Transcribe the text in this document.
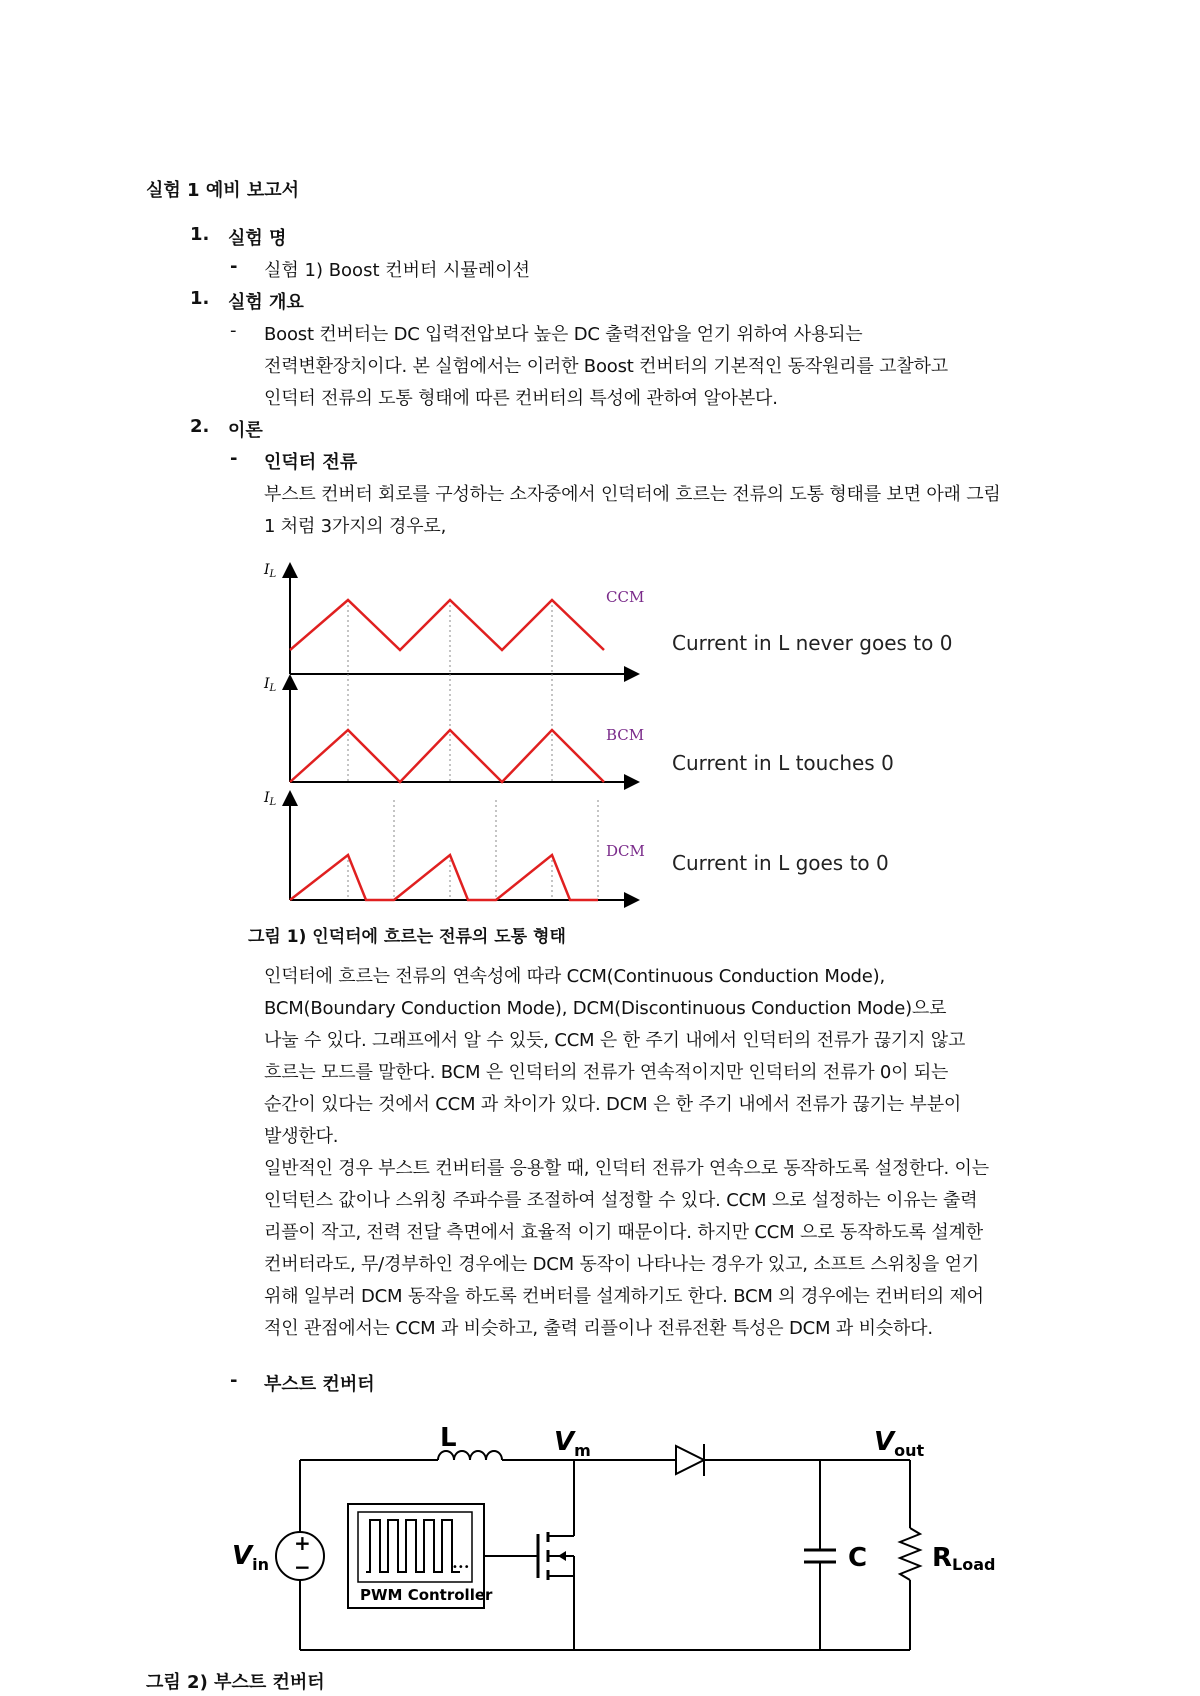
실험 1 예비 보고서
1. 실험 명
- 실험 1) Boost 컨버터 시뮬레이션
1. 실험 개요
- Boost 컨버터는 DC 입력전압보다 높은 DC 출력전압을 얻기 위하여 사용되는
전력변환장치이다. 본 실험에서는 이러한 Boost 컨버터의 기본적인 동작원리를 고찰하고
인덕터 전류의 도통 형태에 따른 컨버터의 특성에 관하여 알아본다.
2. 이론
- 인덕터 전류
부스트 컨버터 회로를 구성하는 소자중에서 인덕터에 흐르는 전류의 도통 형태를 보면 아래 그림
1 처럼 3가지의 경우로,
$I_L$
CCM
Current in L never goes to 0
$I_L$
BCM
Current in L touches 0
$I_L$
DCM Current in L goes to 0
그림 1) 인덕터에 흐르는 전류의 도통 형태
인덕터에 흐르는 전류의 연속성에 따라 CCM(Continuous Conduction Mode),
BCM(Boundary Conduction Mode), DCM(Discontinuous Conduction Mode)으로
나눌 수 있다. 그래프에서 알 수 있듯, CCM 은 한 주기 내에서 인덕터의 전류가 끊기지 않고
흐르는 모드를 말한다. BCM 은 인덕터의 전류가 연속적이지만 인덕터의 전류가 0이 되는
순간이 있다는 것에서 CCM 과 차이가 있다. DCM 은 한 주기 내에서 전류가 끊기는 부분이
발생한다.
일반적인 경우 부스트 컨버터를 응용할 때, 인덕터 전류가 연속으로 동작하도록 설정한다. 이는
인덕턴스 값이나 스위칭 주파수를 조절하여 설정할 수 있다. CCM 으로 설정하는 이유는 출력
리플이 작고, 전력 전달 측면에서 효율적 이기 때문이다. 하지만 CCM 으로 동작하도록 설계한
컨버터라도, 무/경부하인 경우에는 DCM 동작이 나타나는 경우가 있고, 소프트 스위칭을 얻기
위해 일부러 DCM 동작을 하도록 컨버터를 설계하기도 한다. BCM 의 경우에는 컨버터의 제어
적인 관점에서는 CCM 과 비슷하고, 출력 리플이나 전류전환 특성은 DCM 과 비슷하다.
- 부스트 컨버터
•••
L	$V_m$	$V_{out}$
$V_{in}$
+
−	C RLoad
PWM Controller
그림 2) 부스트 컨버터
